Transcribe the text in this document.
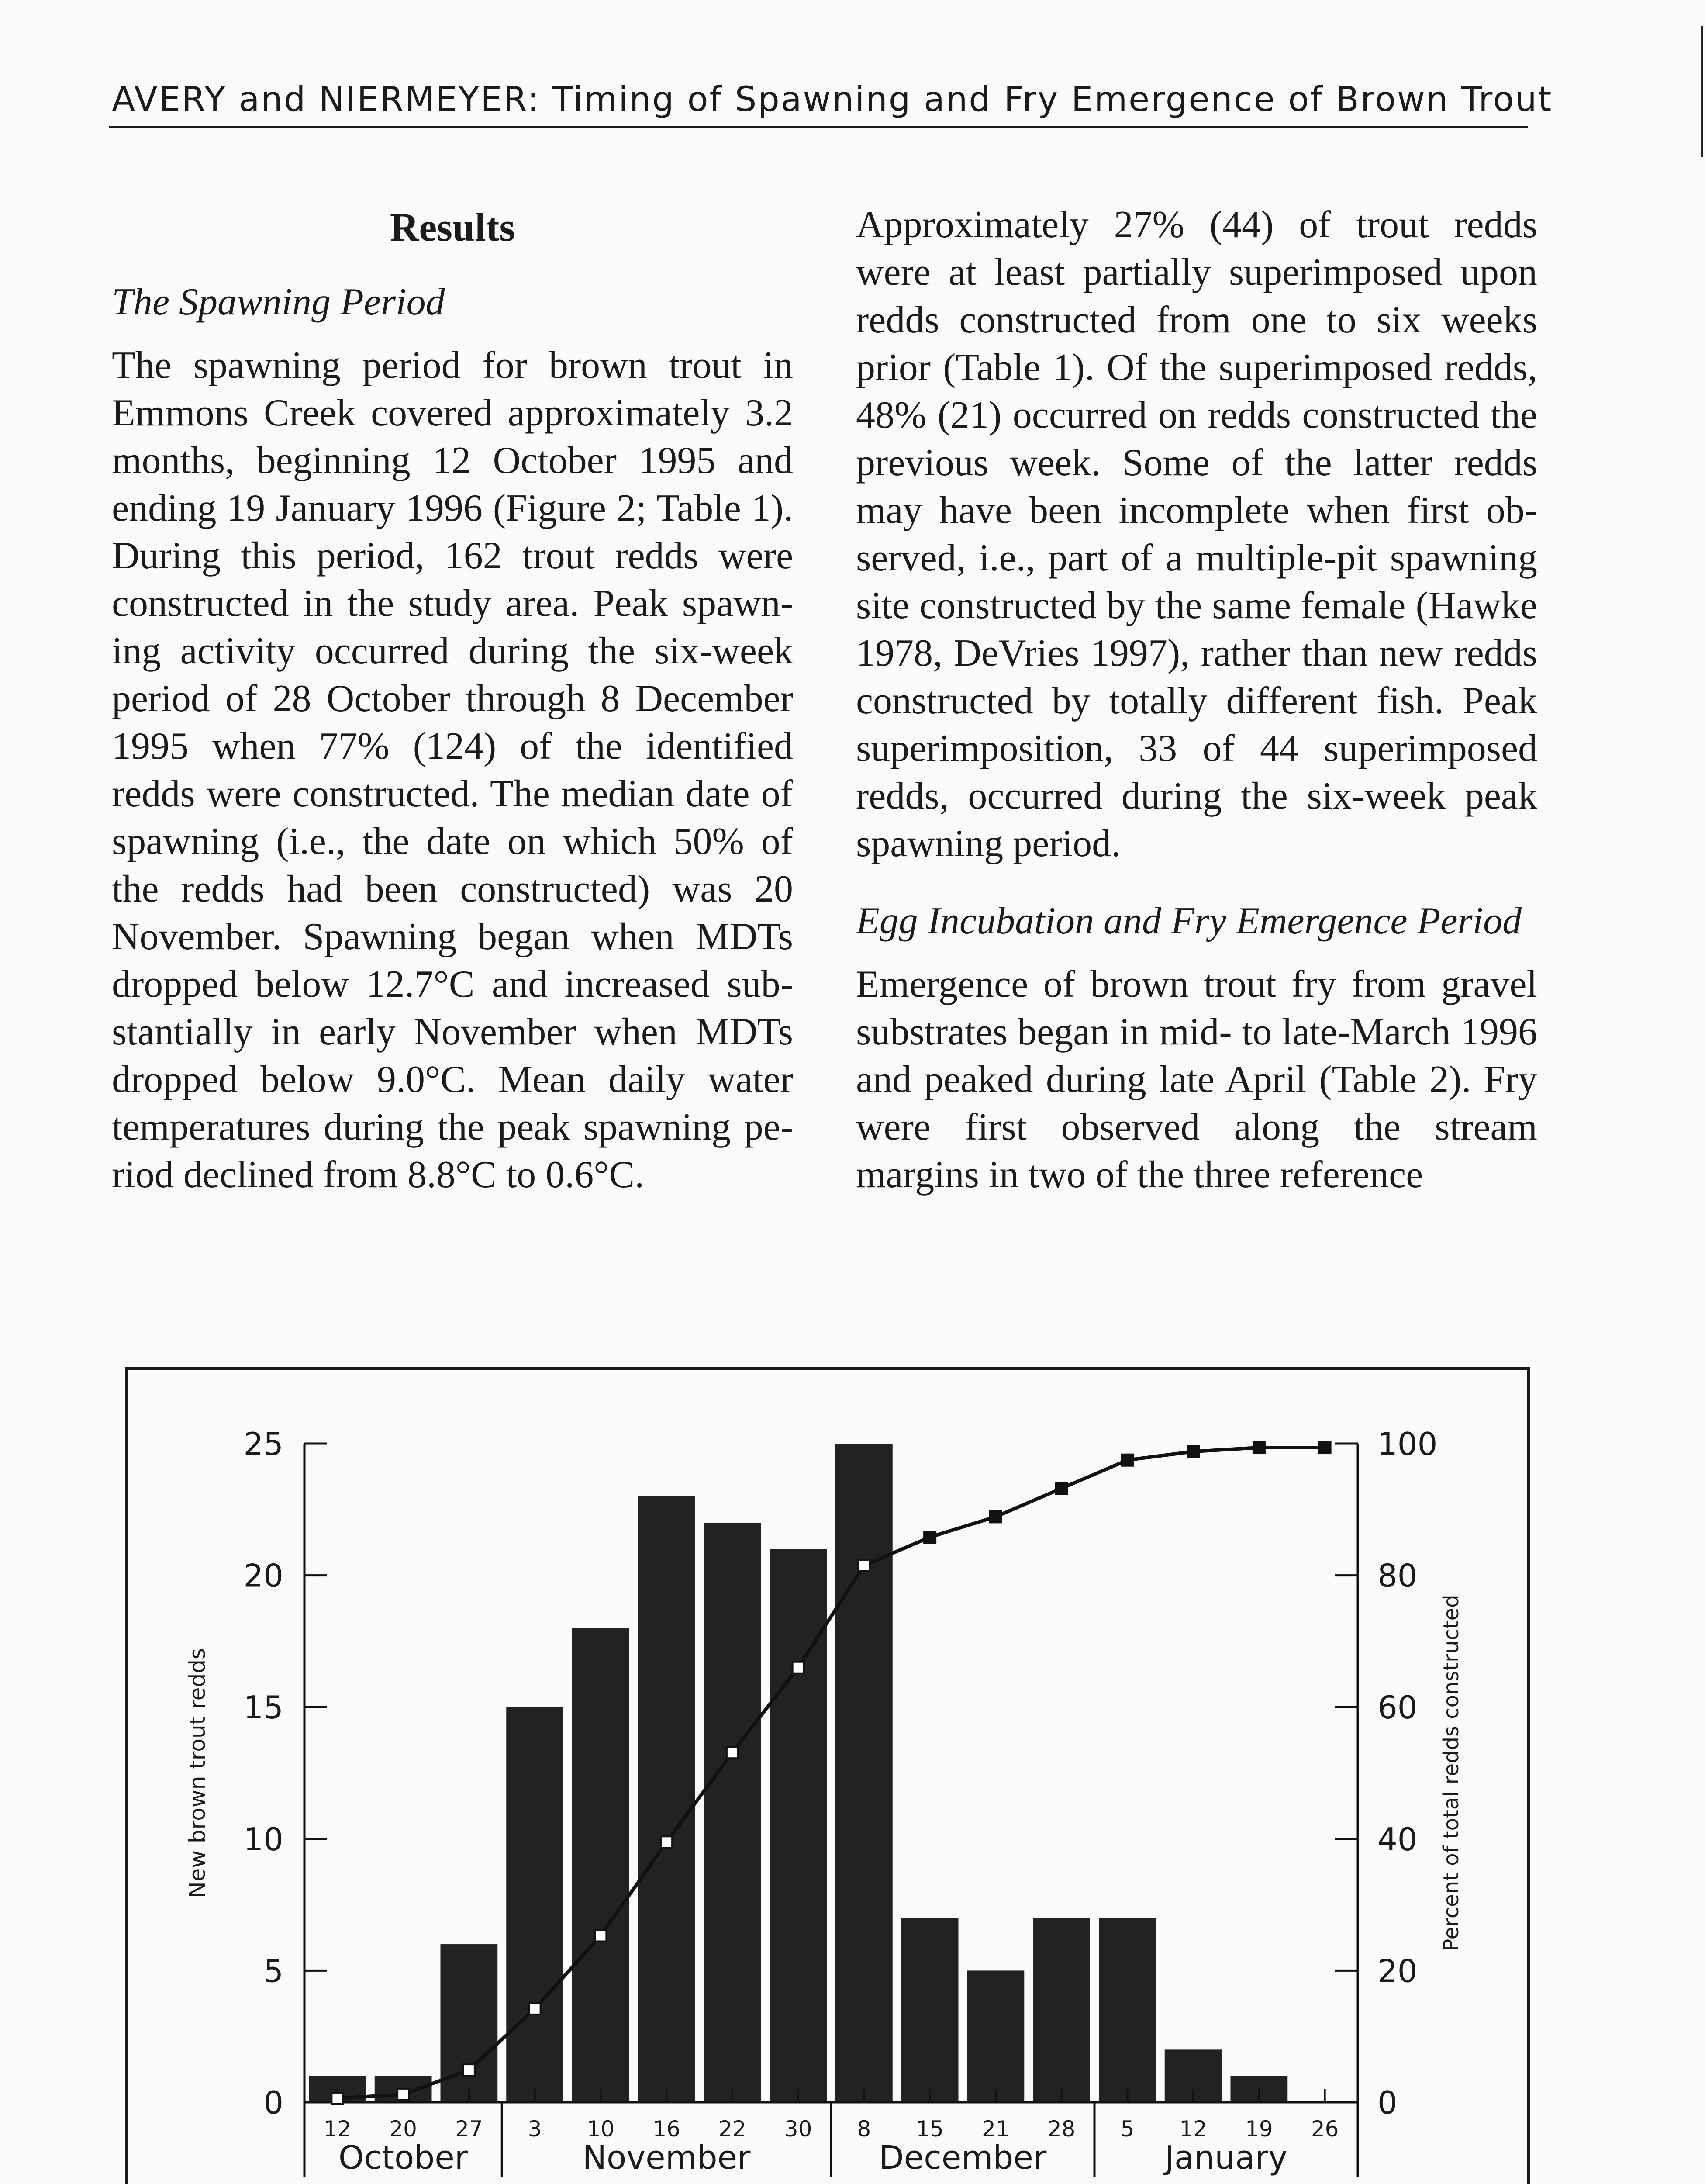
AVERY and NIERMEYER: Timing of Spawning and Fry Emergence of Brown Trout
Results
The Spawning Period

The spawning period for brown trout in Emmons Creek covered approximately 3.2 months, beginning 12 October 1995 and ending 19 January 1996 (Figure 2; Table 1). During this period, 162 trout redds were constructed in the study area. Peak spawning activity occurred during the six-week period of 28 October through 8 December 1995 when 77% (124) of the identified redds were constructed. The median date of spawning (i.e., the date on which 50% of the redds had been constructed) was 20 November. Spawning began when MDTs dropped below 12.7°C and increased substantially in early November when MDTs dropped below 9.0°C. Mean daily water temperatures during the peak spawning period declined from 8.8°C to 0.6°C.

Approximately 27% (44) of trout redds were at least partially superimposed upon redds constructed from one to six weeks prior (Table 1). Of the superimposed redds, 48% (21) occurred on redds constructed the previous week. Some of the latter redds may have been incomplete when first observed, i.e., part of a multiple-pit spawning site constructed by the same female (Hawke 1978, DeVries 1997), rather than new redds constructed by totally different fish. Peak superimposition, 33 of 44 superimposed redds, occurred during the six-week peak spawning period.

Egg Incubation and Fry Emergence Period

Emergence of brown trout fry from gravel substrates began in mid- to late-March 1996 and peaked during late April (Table 2). Fry were first observed along the stream margins in two of the three reference

0
5
10
15
20
25
0
20
40
60
80
100
New brown trout redds	Percent of total redds constructed
12 20 27 3 10 16 22 30 8 15 21 28 5 12 19 26
October	November	December	January
